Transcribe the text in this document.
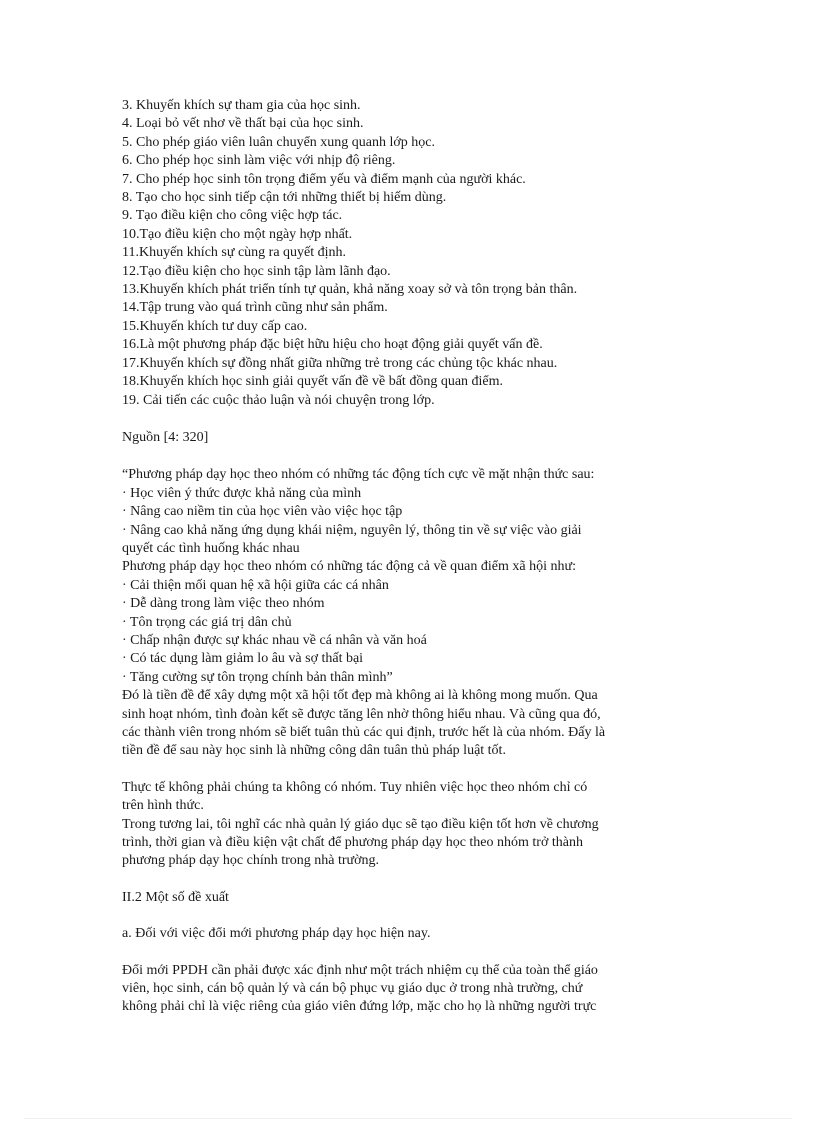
3. Khuyến khích sự tham gia của học sinh.

4. Loại bỏ vết nhơ về thất bại của học sinh.

5. Cho phép giáo viên luân chuyển xung quanh lớp học.

6. Cho phép học sinh làm việc với nhịp độ riêng.

7. Cho phép học sinh tôn trọng điểm yếu và điểm mạnh của người khác.

8. Tạo cho học sinh tiếp cận tới những thiết bị hiếm dùng.

9. Tạo điều kiện cho công việc hợp tác.

10.Tạo điều kiện cho một ngày hợp nhất.

11.Khuyến khích sự cùng ra quyết định.

12.Tạo điều kiện cho học sinh tập làm lãnh đạo.

13.Khuyến khích phát triển tính tự quản, khả năng xoay sở và tôn trọng bản thân.

14.Tập trung vào quá trình cũng như sản phẩm.

15.Khuyến khích tư duy cấp cao.

16.Là một phương pháp đặc biệt hữu hiệu cho hoạt động giải quyết vấn đề.

17.Khuyến khích sự đồng nhất giữa những trẻ trong các chủng tộc khác nhau.

18.Khuyến khích học sinh giải quyết vấn đề về bất đồng quan điểm.

19. Cải tiến các cuộc thảo luận và nói chuyện trong lớp.

Nguồn [4: 320]

“Phương pháp dạy học theo nhóm có những tác động tích cực về mặt nhận thức sau:

· Học viên ý thức được khả năng của mình

· Nâng cao niềm tin của học viên vào việc học tập

· Nâng cao khả năng ứng dụng khái niệm, nguyên lý, thông tin về sự việc vào giải

quyết các tình huống khác nhau

Phương pháp dạy học theo nhóm có những tác động cả về quan điểm xã hội như:

· Cải thiện mối quan hệ xã hội giữa các cá nhân

· Dễ dàng trong làm việc theo nhóm

· Tôn trọng các giá trị dân chủ

· Chấp nhận được sự khác nhau về cá nhân và văn hoá

· Có tác dụng làm giảm lo âu và sợ thất bại

· Tăng cường sự tôn trọng chính bản thân mình”

Đó là tiền đề để xây dựng một xã hội tốt đẹp mà không ai là không mong muốn. Qua

sinh hoạt nhóm, tình đoàn kết sẽ được tăng lên nhờ thông hiểu nhau. Và cũng qua đó,

các thành viên trong nhóm sẽ biết tuân thủ các qui định, trước hết là của nhóm. Đấy là

tiền đề để sau này học sinh là những công dân tuân thủ pháp luật tốt.

Thực tế không phải chúng ta không có nhóm. Tuy nhiên việc học theo nhóm chỉ có

trên hình thức.

Trong tương lai, tôi nghĩ các nhà quản lý giáo dục sẽ tạo điều kiện tốt hơn về chương

trình, thời gian và điều kiện vật chất để phương pháp dạy học theo nhóm trở thành

phương pháp dạy học chính trong nhà trường.

II.2 Một số đề xuất

a. Đối với việc đổi mới phương pháp dạy học hiện nay.

Đổi mới PPDH cần phải được xác định như một trách nhiệm cụ thể của toàn thể giáo

viên, học sinh, cán bộ quản lý và cán bộ phục vụ giáo dục ở trong nhà trường, chứ

không phải chỉ là việc riêng của giáo viên đứng lớp, mặc cho họ là những người trực
